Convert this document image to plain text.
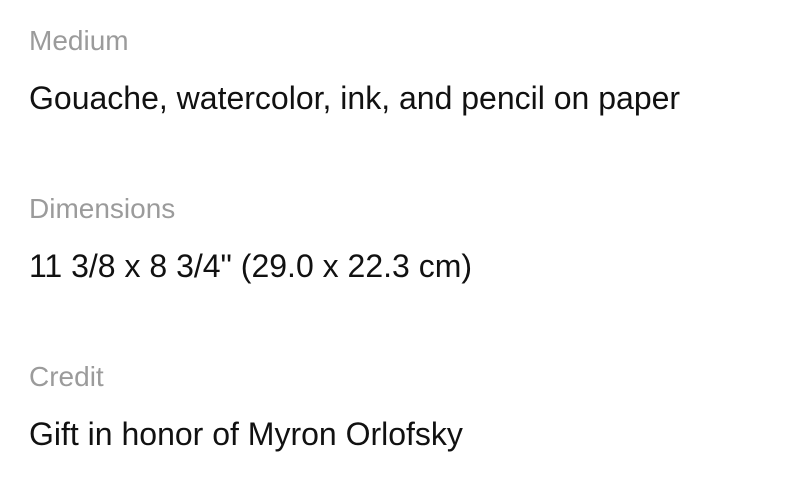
Medium
Gouache, watercolor, ink, and pencil on paper
Dimensions
11 3/8 x 8 3/4" (29.0 x 22.3 cm)
Credit
Gift in honor of Myron Orlofsky
